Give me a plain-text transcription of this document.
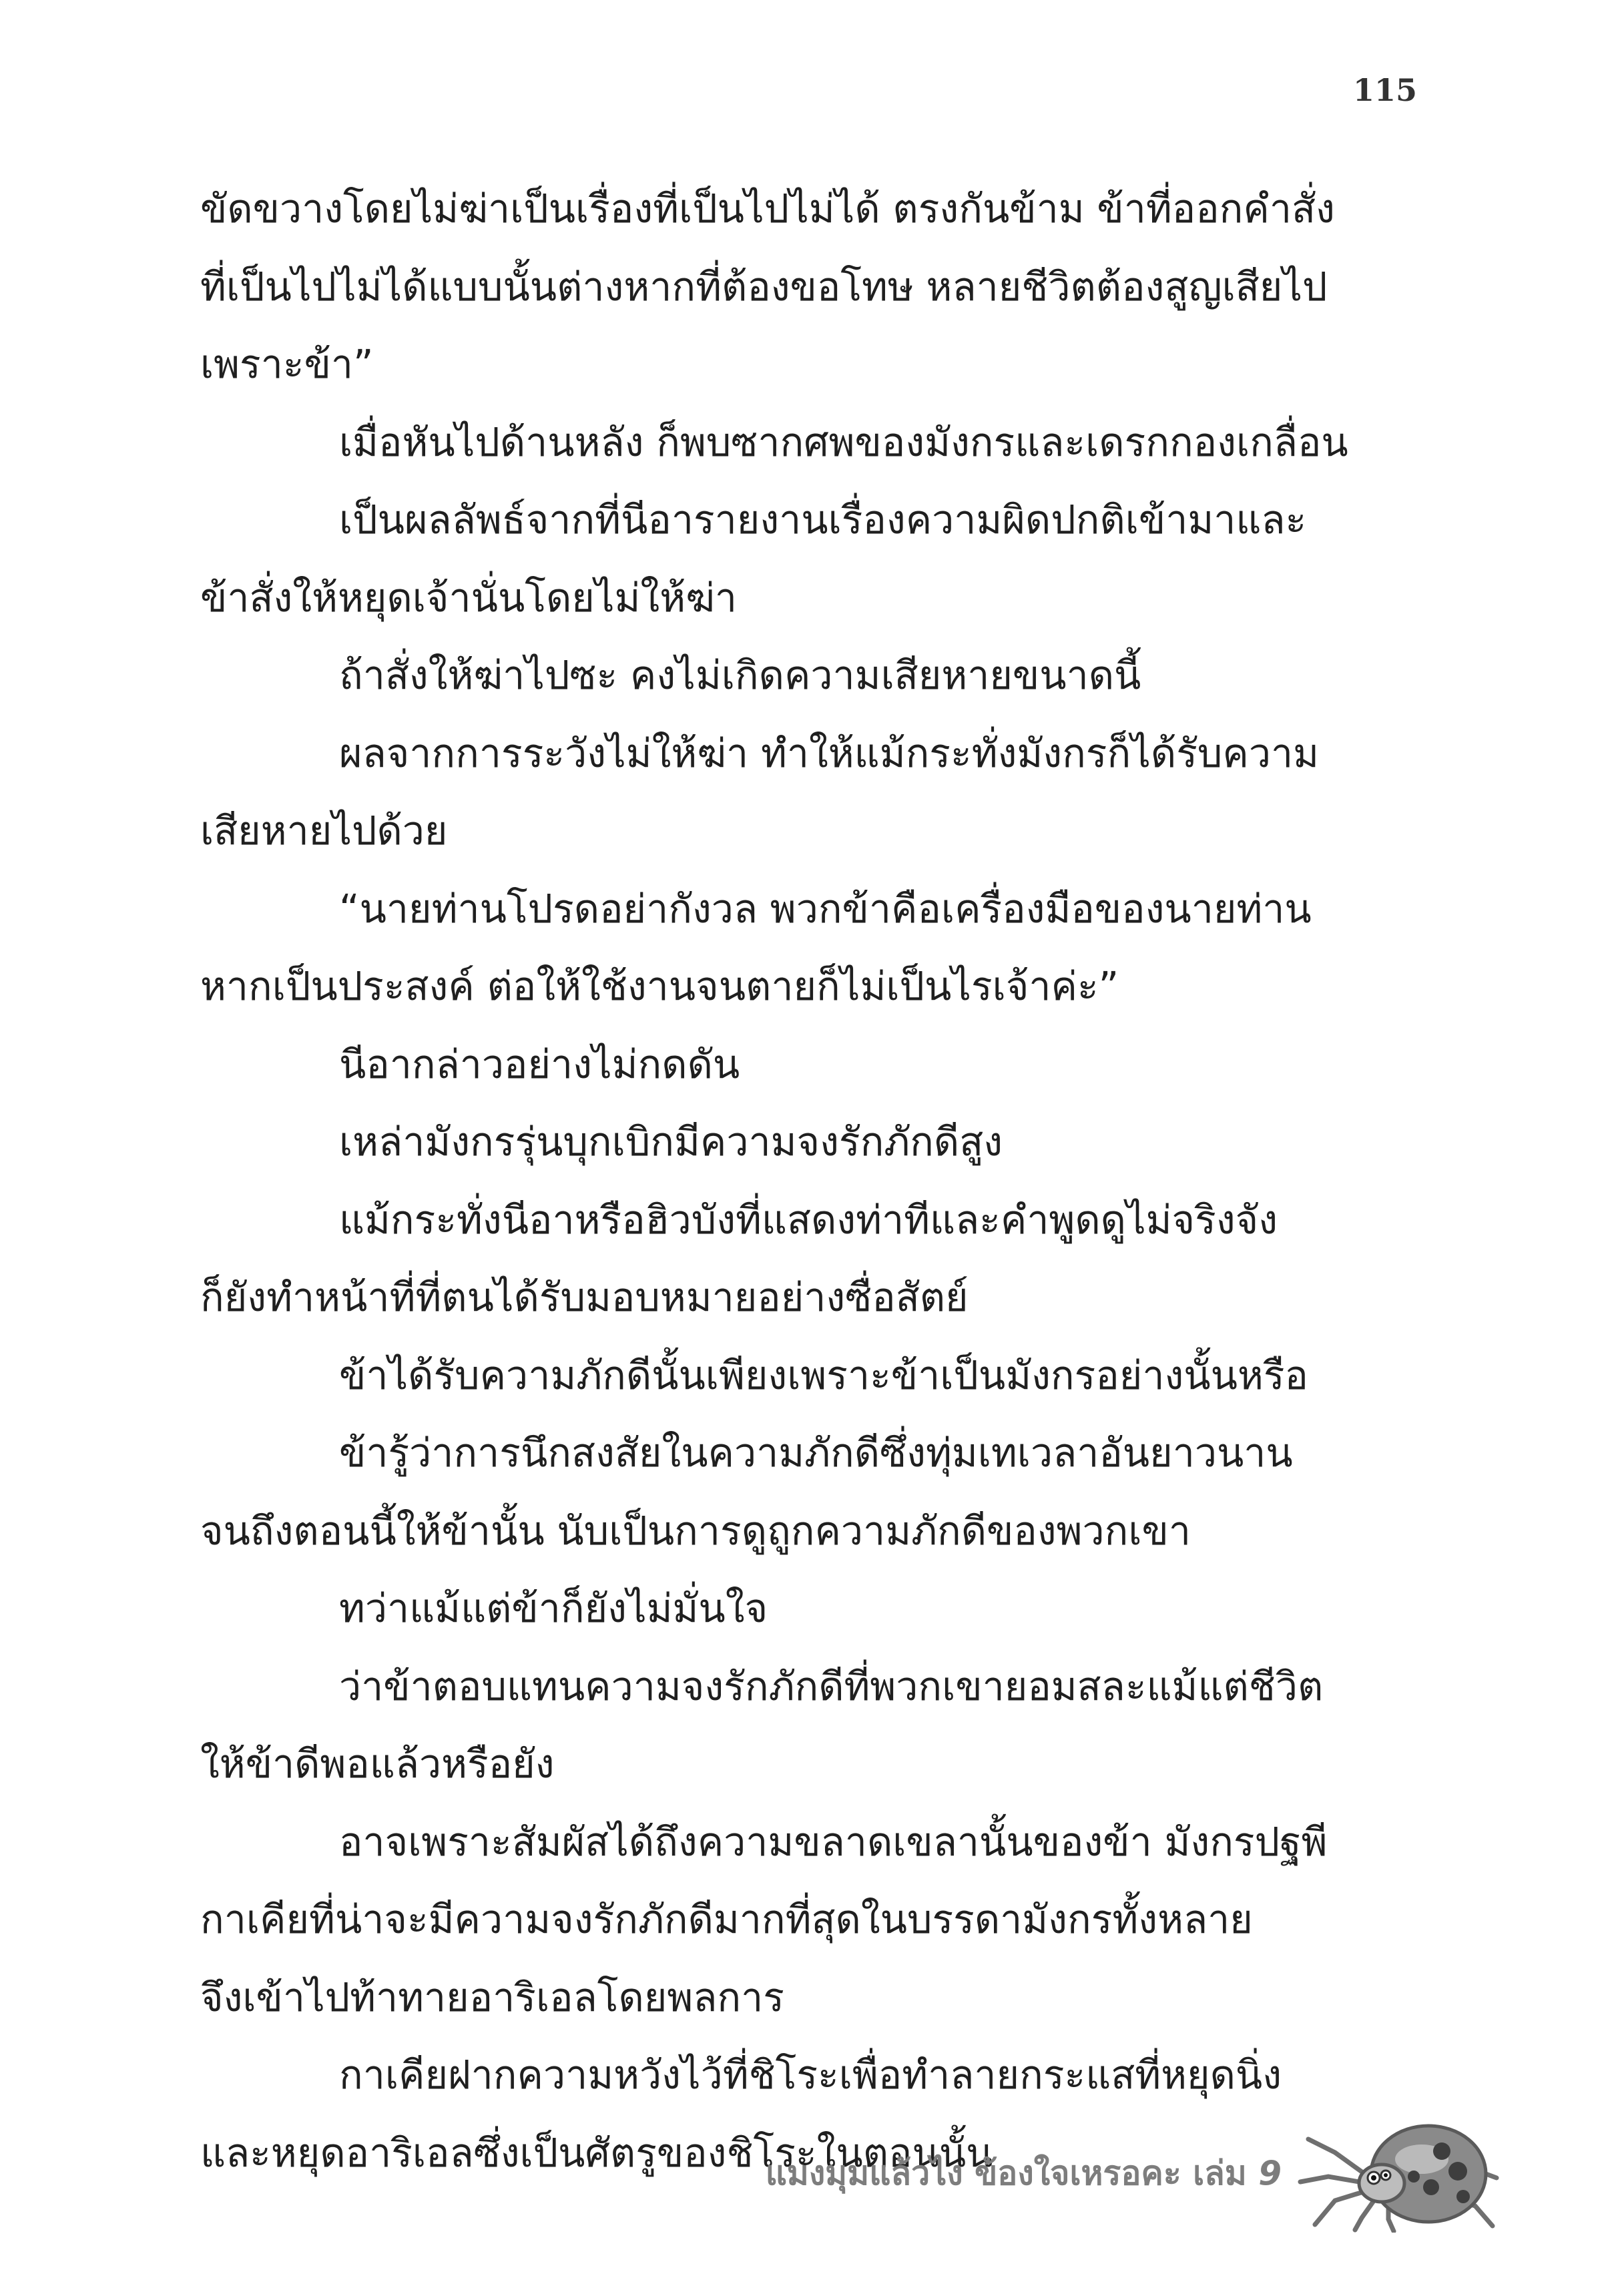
115

ขัดขวางโดยไม่ฆ่าเป็นเรื่องที่เป็นไปไม่ได้ ตรงกันข้าม ข้าที่ออกคำสั่ง

ที่เป็นไปไม่ได้แบบนั้นต่างหากที่ต้องขอโทษ หลายชีวิตต้องสูญเสียไป

เพราะข้า”

เมื่อหันไปด้านหลัง ก็พบซากศพของมังกรและเดรกกองเกลื่อน

เป็นผลลัพธ์จากที่นีอารายงานเรื่องความผิดปกติเข้ามาและ

ข้าสั่งให้หยุดเจ้านั่นโดยไม่ให้ฆ่า

ถ้าสั่งให้ฆ่าไปซะ คงไม่เกิดความเสียหายขนาดนี้

ผลจากการระวังไม่ให้ฆ่า ทำให้แม้กระทั่งมังกรก็ได้รับความ

เสียหายไปด้วย

“นายท่านโปรดอย่ากังวล พวกข้าคือเครื่องมือของนายท่าน

หากเป็นประสงค์ ต่อให้ใช้งานจนตายก็ไม่เป็นไรเจ้าค่ะ”

นีอากล่าวอย่างไม่กดดัน

เหล่ามังกรรุ่นบุกเบิกมีความจงรักภักดีสูง

แม้กระทั่งนีอาหรือฮิวบังที่แสดงท่าทีและคำพูดดูไม่จริงจัง

ก็ยังทำหน้าที่ที่ตนได้รับมอบหมายอย่างซื่อสัตย์

ข้าได้รับความภักดีนั้นเพียงเพราะข้าเป็นมังกรอย่างนั้นหรือ

ข้ารู้ว่าการนึกสงสัยในความภักดีซึ่งทุ่มเทเวลาอันยาวนาน

จนถึงตอนนี้ให้ข้านั้น นับเป็นการดูถูกความภักดีของพวกเขา

ทว่าแม้แต่ข้าก็ยังไม่มั่นใจ

ว่าข้าตอบแทนความจงรักภักดีที่พวกเขายอมสละแม้แต่ชีวิต

ให้ข้าดีพอแล้วหรือยัง

อาจเพราะสัมผัสได้ถึงความขลาดเขลานั้นของข้า มังกรปฐพี

กาเคียที่น่าจะมีความจงรักภักดีมากที่สุดในบรรดามังกรทั้งหลาย

จึงเข้าไปท้าทายอาริเอลโดยพลการ

กาเคียฝากความหวังไว้ที่ชิโระเพื่อทำลายกระแสที่หยุดนิ่ง

และหยุดอาริเอลซึ่งเป็นศัตรูของชิโระในตอนนั้น

แมงมุมแล้วไง ข้องใจเหรอคะ เล่ม 9
